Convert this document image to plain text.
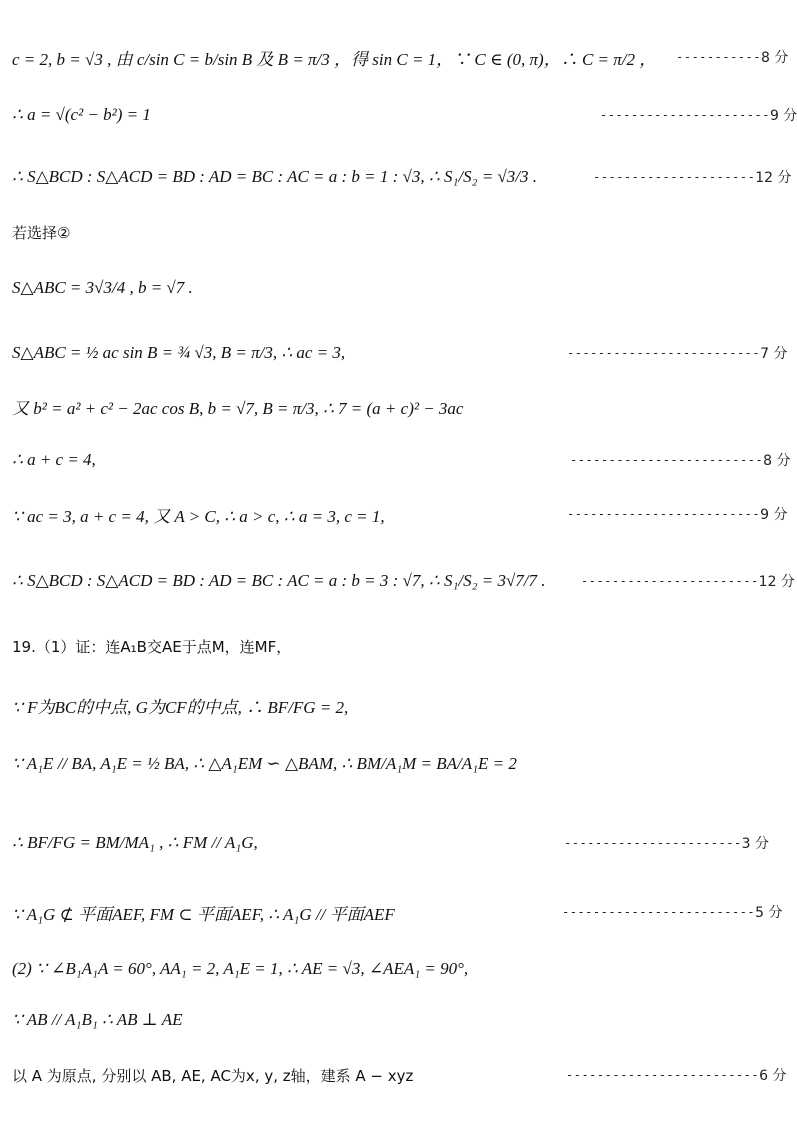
c = 2, b = √3 , 由 c/sin C = b/sin B 及 B = π/3 ，得 sin C = 1，∵ C ∈ (0, π)，∴ C = π/2 ， ----------- 8 分
∴ a = √(c² − b²) = 1	---------------------- 9 分
∴ S△BCD : S△ACD = BD : AD = BC : AC = a : b = 1 : √3, ∴ S₁/S₂ = √3/3 .	--------------------- 12 分
若选择②
S△ABC = 3√3/4 , b = √7 .
S△ABC = ½ ac sin B = ¾ √3, B = π/3, ∴ ac = 3,	------------------------- 7 分
又 b² = a² + c² − 2ac cos B, b = √7, B = π/3, ∴ 7 = (a + c)² − 3ac
∴ a + c = 4,	------------------------- 8 分
∵ ac = 3, a + c = 4, 又 A > C, ∴ a > c, ∴ a = 3, c = 1,	------------------------- 9 分
∴ S△BCD : S△ACD = BD : AD = BC : AC = a : b = 3 : √7, ∴ S₁/S₂ = 3√7/7 .	----------------------- 12 分
19.（1）证：连A₁B交AE于点M，连MF，
∵ F为BC的中点, G为CF的中点, ∴ BF/FG = 2,
∵ A₁E // BA, A₁E = ½ BA, ∴ △A₁EM ∽ △BAM, ∴ BM/A₁M = BA/A₁E = 2
∴ BF/FG = BM/MA₁ , ∴ FM // A₁G,	----------------------- 3 分
∵ A₁G ⊄ 平面AEF, FM ⊂ 平面AEF, ∴ A₁G // 平面AEF	------------------------- 5 分
(2) ∵ ∠B₁A₁A = 60°, AA₁ = 2, A₁E = 1, ∴ AE = √3, ∠AEA₁ = 90°,
∵ AB // A₁B₁ ∴ AB ⊥ AE
以 A 为原点, 分别以 AB, AE, AC为x, y, z轴，建系 A − xyz	------------------------- 6 分
